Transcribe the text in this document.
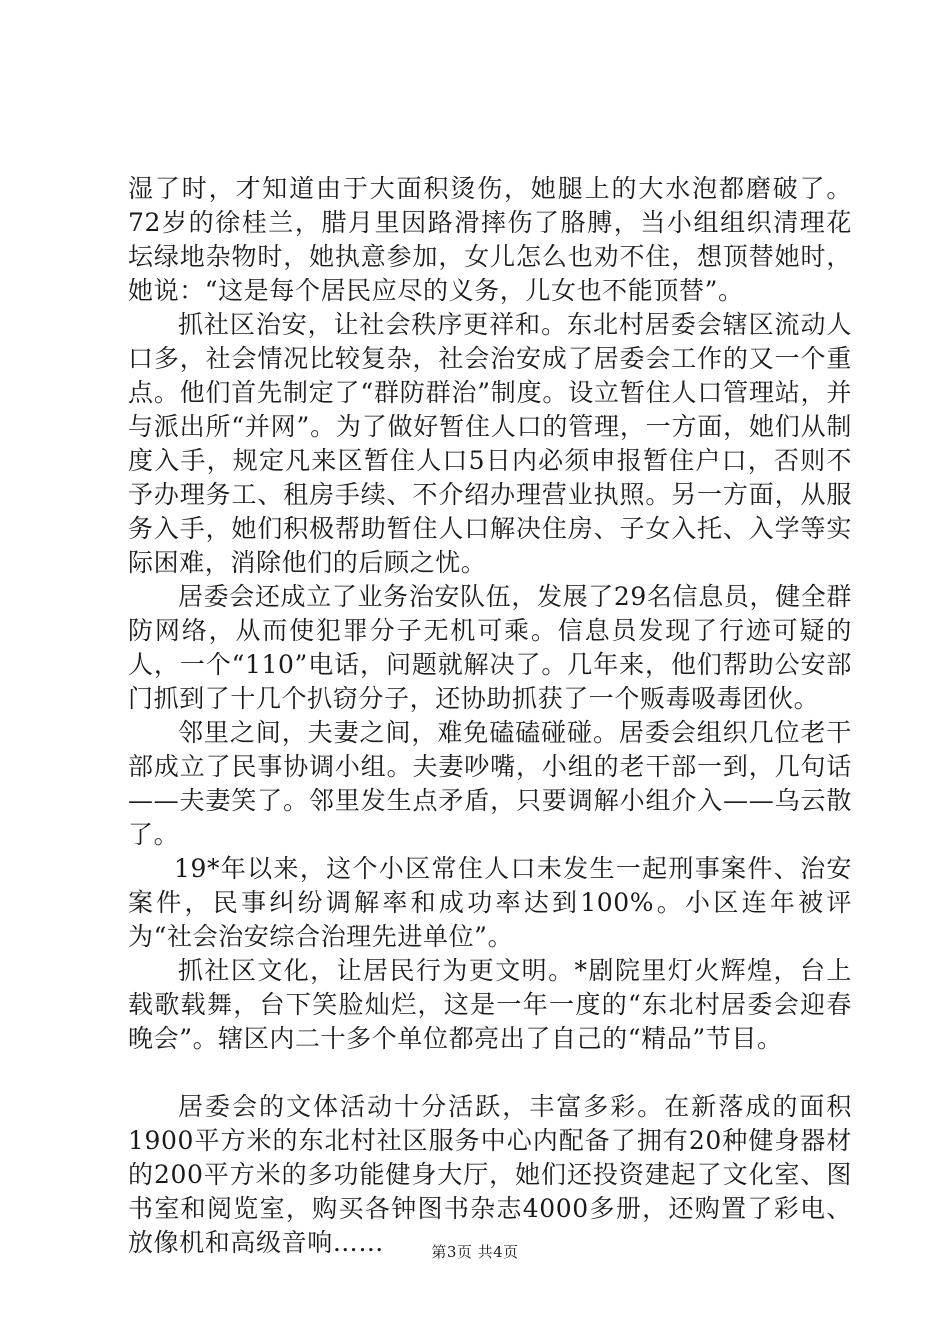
湿了时，才知道由于大面积烫伤，她腿上的大水泡都磨破了。72岁的徐桂兰，腊月里因路滑摔伤了胳膊，当小组组织清理花坛绿地杂物时，她执意参加，女儿怎么也劝不住，想顶替她时，她说：“这是每个居民应尽的义务，儿女也不能顶替”。

抓社区治安，让社会秩序更祥和。东北村居委会辖区流动人口多，社会情况比较复杂，社会治安成了居委会工作的又一个重点。他们首先制定了“群防群治”制度。设立暂住人口管理站，并与派出所“并网”。为了做好暂住人口的管理，一方面，她们从制度入手，规定凡来区暂住人口5日内必须申报暂住户口，否则不予办理务工、租房手续、不介绍办理营业执照。另一方面，从服务入手，她们积极帮助暂住人口解决住房、子女入托、入学等实际困难，消除他们的后顾之忧。

居委会还成立了业务治安队伍，发展了29名信息员，健全群防网络，从而使犯罪分子无机可乘。信息员发现了行迹可疑的人，一个“110”电话，问题就解决了。几年来，他们帮助公安部门抓到了十几个扒窃分子，还协助抓获了一个贩毒吸毒团伙。

邻里之间，夫妻之间，难免磕磕碰碰。居委会组织几位老干部成立了民事协调小组。夫妻吵嘴，小组的老干部一到，几句话——夫妻笑了。邻里发生点矛盾，只要调解小组介入——乌云散了。

19*年以来，这个小区常住人口未发生一起刑事案件、治安案件，民事纠纷调解率和成功率达到100%。小区连年被评为“社会治安综合治理先进单位”。

抓社区文化，让居民行为更文明。*剧院里灯火辉煌，台上载歌载舞，台下笑脸灿烂，这是一年一度的“东北村居委会迎春晚会”。辖区内二十多个单位都亮出了自己的“精品”节目。

居委会的文体活动十分活跃，丰富多彩。在新落成的面积1900平方米的东北村社区服务中心内配备了拥有20种健身器材的200平方米的多功能健身大厅，她们还投资建起了文化室、图书室和阅览室，购买各钟图书杂志4000多册，还购置了彩电、放像机和高级音响……	第3页 共4页
